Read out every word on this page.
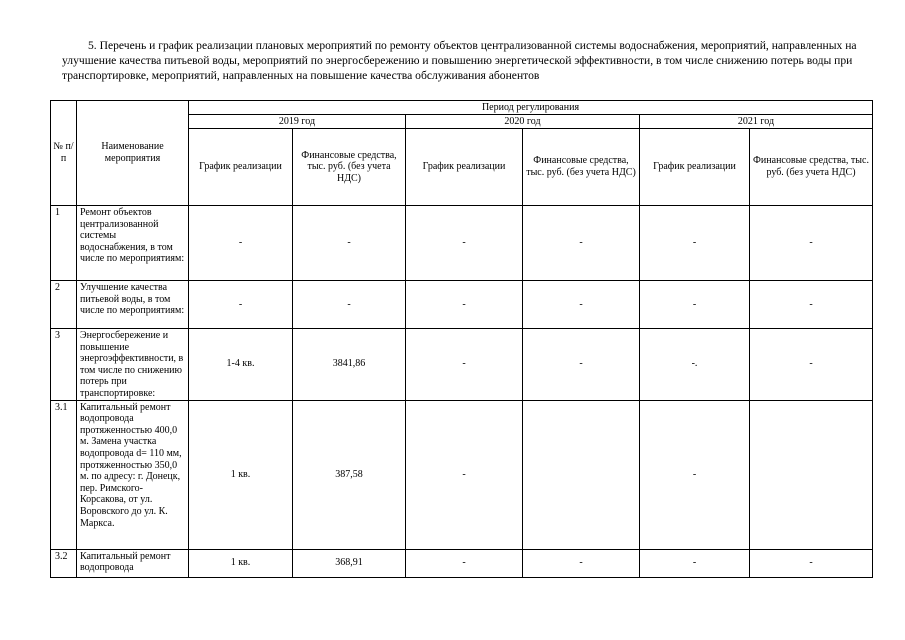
5. Перечень и график реализации плановых мероприятий по ремонту объектов централизованной системы водоснабжения, мероприятий, направленных на улучшение качества питьевой воды, мероприятий по энергосбережению и повышению энергетической эффективности, в том числе снижению потерь воды при транспортировке, мероприятий, направленных на повышение качества обслуживания абонентов

№ п/п	Наименование мероприятия	Период регулирования					
		2019 год		2020 год		2021 год	
		График реализации	Финансовые средства, тыс. руб. (без учета НДС)	График реализации	Финансовые средства, тыс. руб. (без учета НДС)	График реализации	Финансовые средства, тыс. руб. (без учета НДС)
1	Ремонт объектов централизованной системы водоснабжения, в том числе по мероприятиям:	-	-	-	-	-	-
2	Улучшение качества питьевой воды, в том числе по мероприятиям:	-	-	-	-	-	-
3	Энергосбережение и повышение энергоэффективности, в том числе по снижению потерь при транспортировке:	1-4 кв.	3841,86	-	-	-.	-
3.1	Капитальный ремонт водопровода протяженностью 400,0 м. Замена участка водопровода d= 110 мм, протяженностью 350,0 м. по адресу: г. Донецк, пер. Римского-Корсакова, от ул. Воровского до ул. К. Маркса.	1 кв.	387,58	-		-	
3.2	Капитальный ремонт водопровода	1 кв.	368,91	-	-	-	-
